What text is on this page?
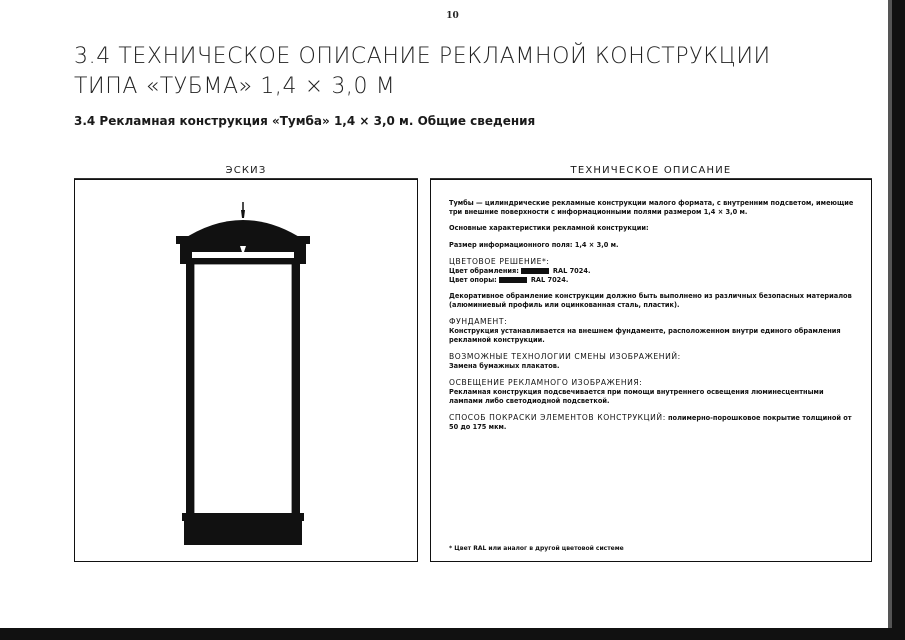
10
3.4 ТЕХНИЧЕСКОЕ ОПИСАНИЕ РЕКЛАМНОЙ КОНСТРУКЦИИ
ТИПА «ТУБМА» 1,4 × 3,0 М
3.4 Рекламная конструкция «Тумба» 1,4 × 3,0 м. Общие сведения
ЭСКИЗ	ТЕХНИЧЕСКОЕ ОПИСАНИЕ

Тумбы — цилиндрические рекламные конструкции малого формата, с внутренним подсветом, имеющие три внешние поверхности с информационными полями размером 1,4 × 3,0 м.

Основные характеристики рекламной конструкции:

Размер информационного поля: 1,4 × 3,0 м.

ЦВЕТОВОЕ РЕШЕНИЕ*:
Цвет обрамления:	RAL 7024.
Цвет опоры:	RAL 7024.

Декоративное обрамление конструкции должно быть выполнено из различных безопасных материалов (алюминиевый профиль или оцинкованная сталь, пластик).

ФУНДАМЕНТ:
Конструкция устанавливается на внешнем фундаменте, расположенном внутри единого обрамления рекламной конструкции.

ВОЗМОЖНЫЕ ТЕХНОЛОГИИ СМЕНЫ ИЗОБРАЖЕНИЙ:
Замена бумажных плакатов.

ОСВЕЩЕНИЕ РЕКЛАМНОГО ИЗОБРАЖЕНИЯ:
Рекламная конструкция подсвечивается при помощи внутреннего освещения люминесцентными лампами либо светодиодной подсветкой.

СПОСОБ ПОКРАСКИ ЭЛЕМЕНТОВ КОНСТРУКЦИЙ: полимерно-порошковое покрытие толщиной от 50 до 175 мкм.

* Цвет RAL или аналог в другой цветовой системе
